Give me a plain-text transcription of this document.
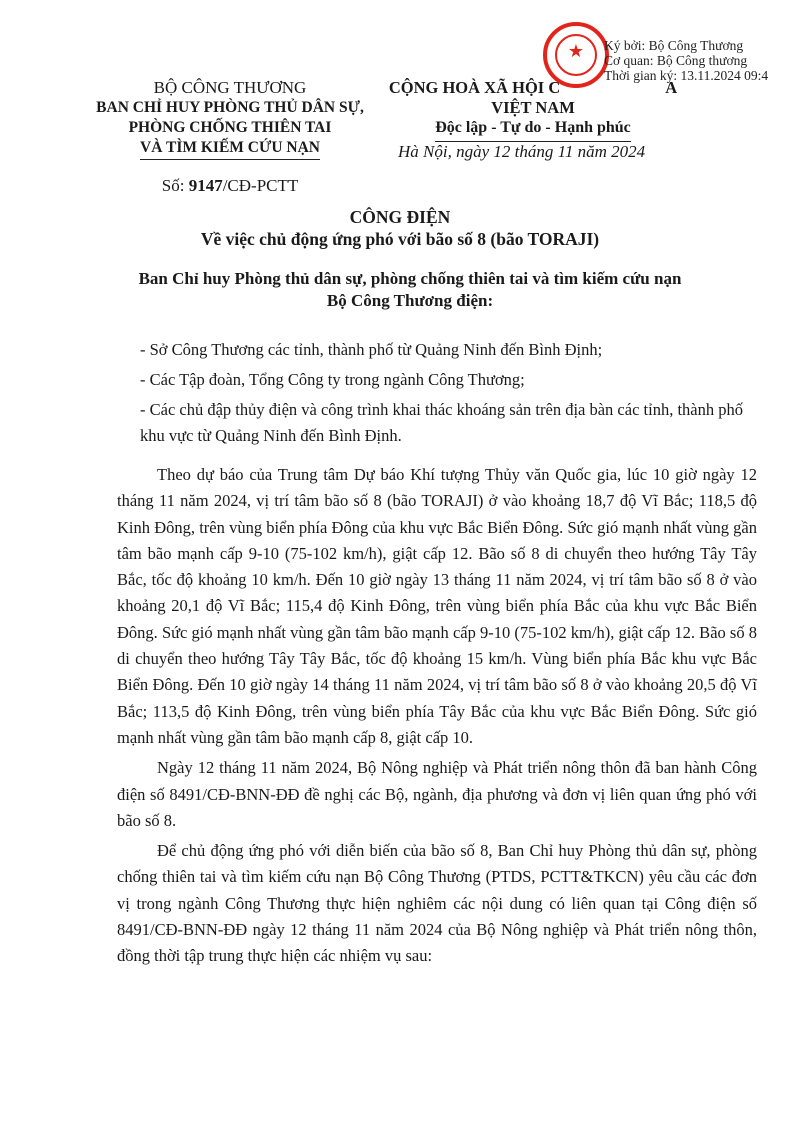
BỘ CÔNG THƯƠNG
BAN CHỈ HUY PHÒNG THỦ DÂN SỰ,
PHÒNG CHỐNG THIÊN TAI
VÀ TÌM KIẾM CỨU NẠN
Số: 9147/CĐ-PCTT
CỘNG HOÀ XÃ HỘI C	A VIỆT NAM
Độc lập - Tự do - Hạnh phúc
Hà Nội, ngày 12 tháng 11 năm 2024
★	Ký bởi: Bộ Công Thương
Cơ quan: Bộ Công thương
Thời gian ký: 13.11.2024 09:4
CÔNG ĐIỆN
Về việc chủ động ứng phó với bão số 8 (bão TORAJI)
Ban Chỉ huy Phòng thủ dân sự, phòng chống thiên tai và tìm kiếm cứu nạn
Bộ Công Thương điện:

- Sở Công Thương các tỉnh, thành phố từ Quảng Ninh đến Bình Định;

- Các Tập đoàn, Tổng Công ty trong ngành Công Thương;

- Các chủ đập thủy điện và công trình khai thác khoáng sản trên địa bàn các tỉnh, thành phố khu vực từ Quảng Ninh đến Bình Định.

Theo dự báo của Trung tâm Dự báo Khí tượng Thủy văn Quốc gia, lúc 10 giờ ngày 12 tháng 11 năm 2024, vị trí tâm bão số 8 (bão TORAJI) ở vào khoảng 18,7 độ Vĩ Bắc; 118,5 độ Kinh Đông, trên vùng biển phía Đông của khu vực Bắc Biển Đông. Sức gió mạnh nhất vùng gần tâm bão mạnh cấp 9-10 (75-102 km/h), giật cấp 12. Bão số 8 di chuyển theo hướng Tây Tây Bắc, tốc độ khoảng 10 km/h. Đến 10 giờ ngày 13 tháng 11 năm 2024, vị trí tâm bão số 8 ở vào khoảng 20,1 độ Vĩ Bắc; 115,4 độ Kinh Đông, trên vùng biển phía Bắc của khu vực Bắc Biển Đông. Sức gió mạnh nhất vùng gần tâm bão mạnh cấp 9-10 (75-102 km/h), giật cấp 12. Bão số 8 di chuyển theo hướng Tây Tây Bắc, tốc độ khoảng 15 km/h. Vùng biển phía Bắc khu vực Bắc Biển Đông. Đến 10 giờ ngày 14 tháng 11 năm 2024, vị trí tâm bão số 8 ở vào khoảng 20,5 độ Vĩ Bắc; 113,5 độ Kinh Đông, trên vùng biển phía Tây Bắc của khu vực Bắc Biển Đông. Sức gió mạnh nhất vùng gần tâm bão mạnh cấp 8, giật cấp 10.

Ngày 12 tháng 11 năm 2024, Bộ Nông nghiệp và Phát triển nông thôn đã ban hành Công điện số 8491/CĐ-BNN-ĐĐ đề nghị các Bộ, ngành, địa phương và đơn vị liên quan ứng phó với bão số 8.

Để chủ động ứng phó với diễn biến của bão số 8, Ban Chỉ huy Phòng thủ dân sự, phòng chống thiên tai và tìm kiếm cứu nạn Bộ Công Thương (PTDS, PCTT&TKCN) yêu cầu các đơn vị trong ngành Công Thương thực hiện nghiêm các nội dung có liên quan tại Công điện số 8491/CĐ-BNN-ĐĐ ngày 12 tháng 11 năm 2024 của Bộ Nông nghiệp và Phát triển nông thôn, đồng thời tập trung thực hiện các nhiệm vụ sau:
